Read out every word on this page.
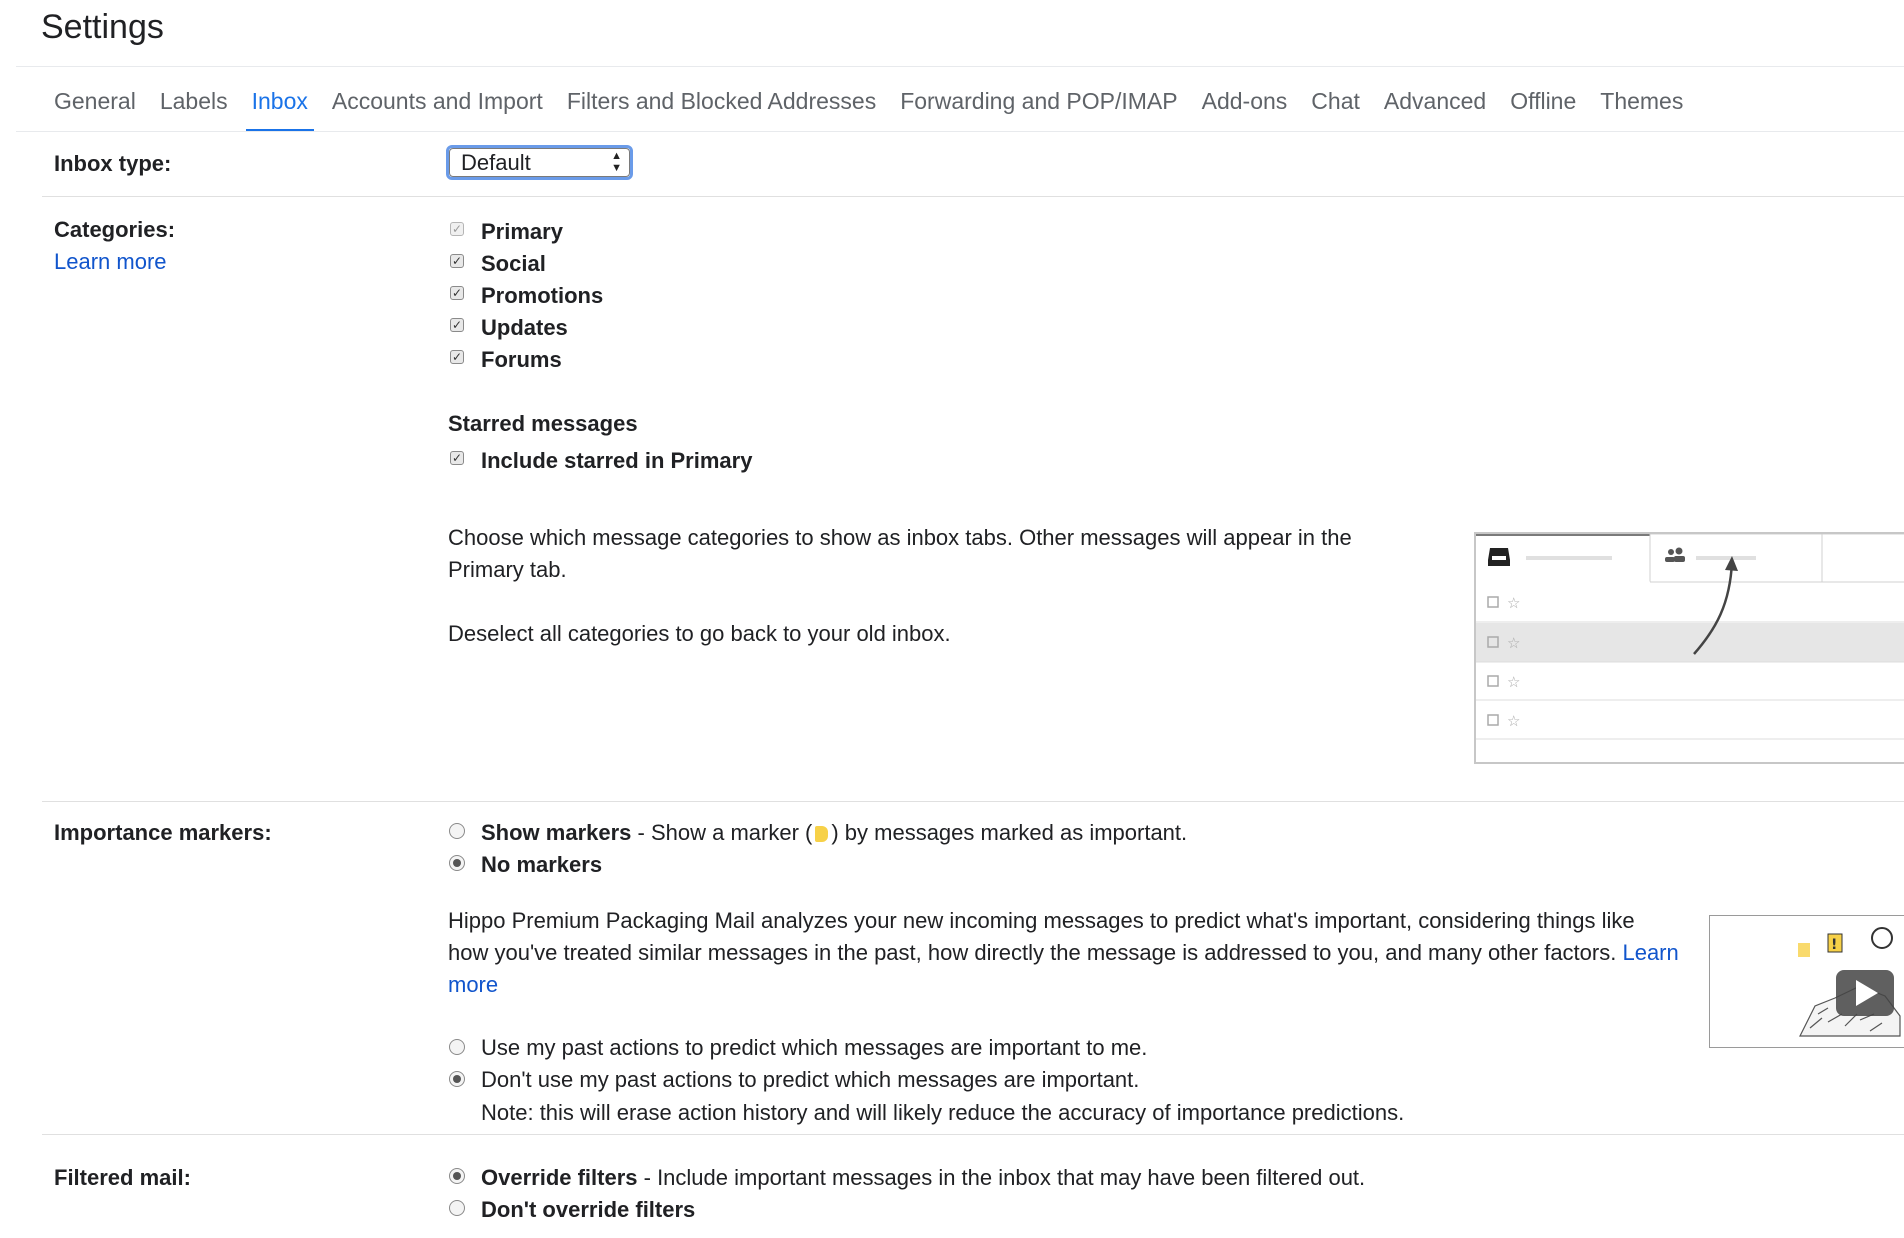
Settings
General	Labels	Inbox	Accounts and Import	Filters and Blocked Addresses	Forwarding and POP/IMAP	Add-ons	Chat	Advanced	Offline	Themes
Inbox type:	Default	▲
▼
Categories:
Learn more
✓ Primary
✓ Social
✓ Promotions
✓ Updates
✓ Forums
Starred messages
✓ Include starred in Primary
Choose which message categories to show as inbox tabs. Other messages will appear in the Primary tab.
Deselect all categories to go back to your old inbox.
☆
☆
☆
☆
Importance markers:	Show markers - Show a marker ( ) by messages marked as important.
No markers
Hippo Premium Packaging Mail analyzes your new incoming messages to predict what's important, considering things like how you've treated similar messages in the past, how directly the message is addressed to you, and many other factors. Learn more
Use my past actions to predict which messages are important to me.
Don't use my past actions to predict which messages are important.
Note: this will erase action history and will likely reduce the accuracy of importance predictions.
!
Filtered mail:	Override filters - Include important messages in the inbox that may have been filtered out.
Don't override filters
